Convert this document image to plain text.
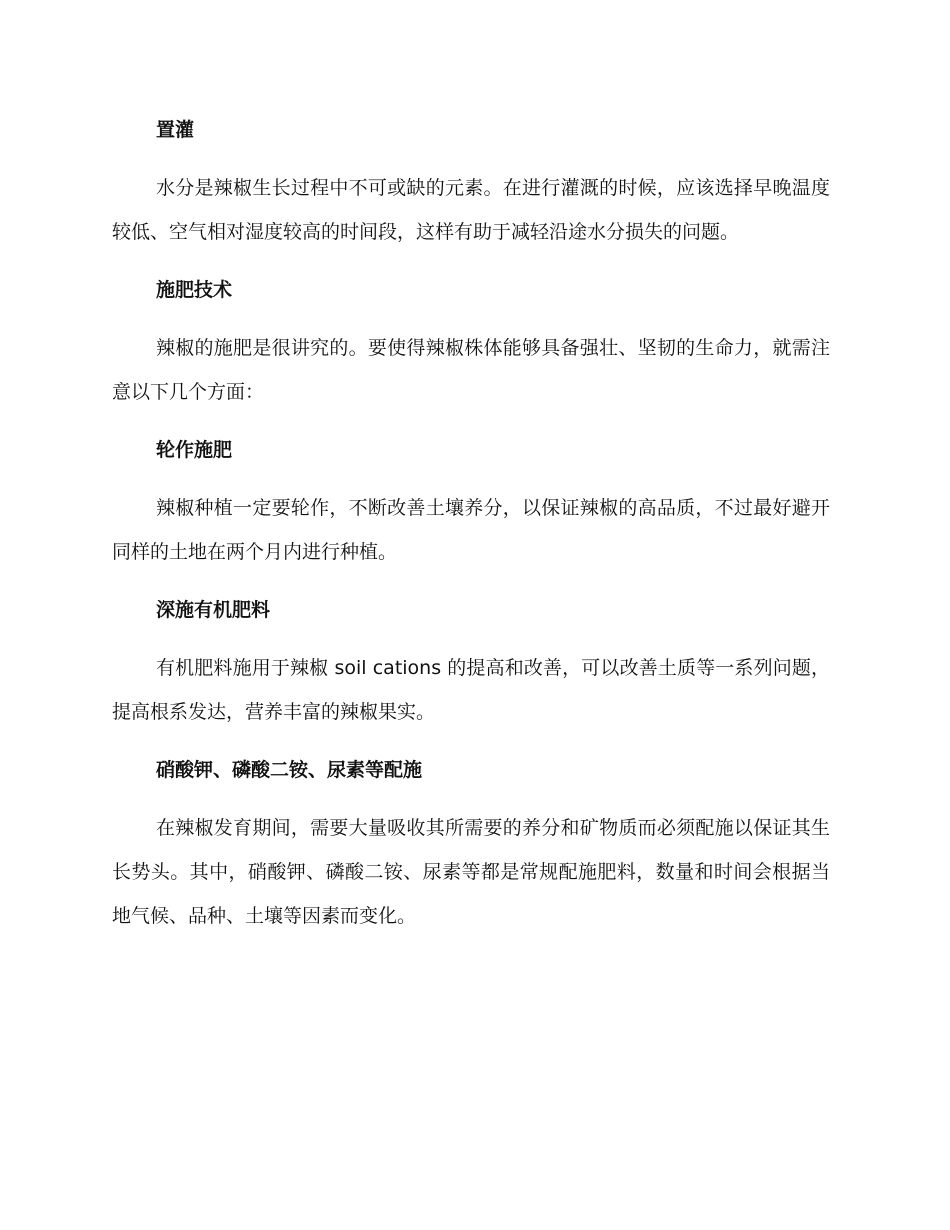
置灌

水分是辣椒生长过程中不可或缺的元素。在进行灌溉的时候，应该选择早晚温度较低、空气相对湿度较高的时间段，这样有助于减轻沿途水分损失的问题。

施肥技术

辣椒的施肥是很讲究的。要使得辣椒株体能够具备强壮、坚韧的生命力，就需注意以下几个方面：

轮作施肥

辣椒种植一定要轮作，不断改善土壤养分，以保证辣椒的高品质，不过最好避开同样的土地在两个月内进行种植。

深施有机肥料

有机肥料施用于辣椒 soil cations 的提高和改善，可以改善土质等一系列问题，提高根系发达，营养丰富的辣椒果实。

硝酸钾、磷酸二铵、尿素等配施

在辣椒发育期间，需要大量吸收其所需要的养分和矿物质而必须配施以保证其生长势头。其中，硝酸钾、磷酸二铵、尿素等都是常规配施肥料，数量和时间会根据当地气候、品种、土壤等因素而变化。
